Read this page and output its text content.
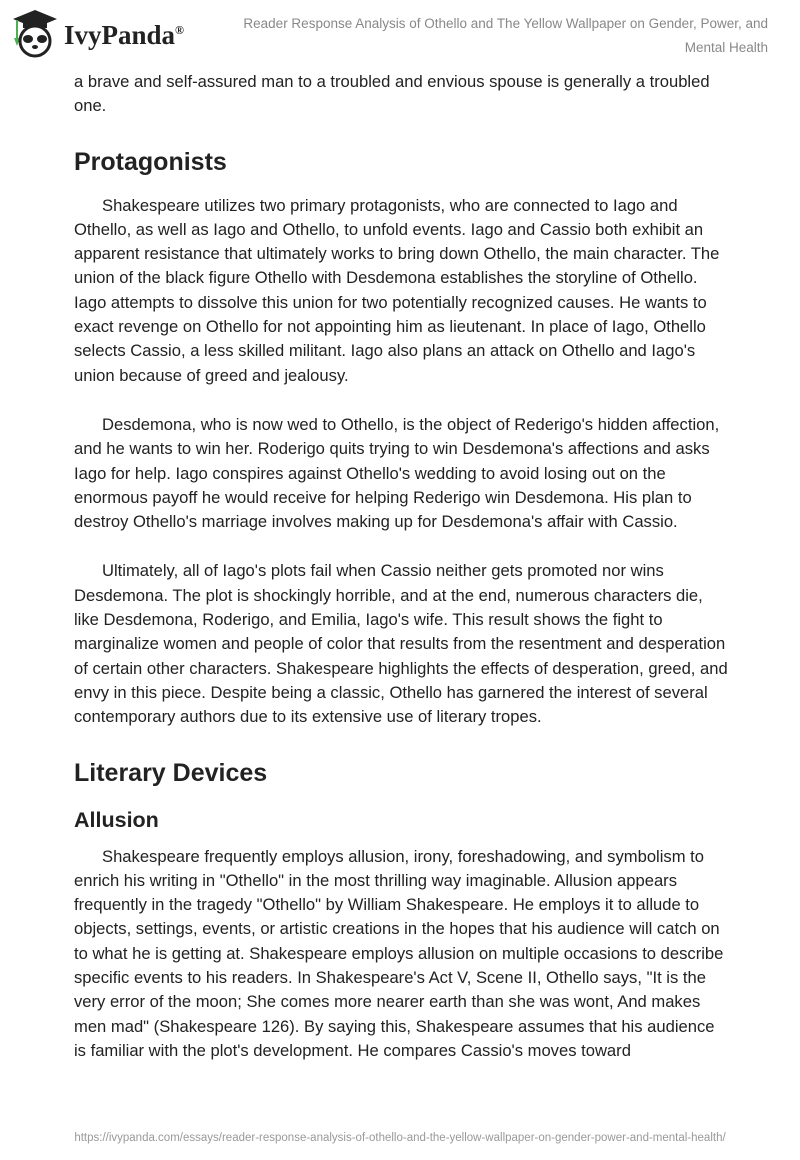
IvyPanda®	Reader Response Analysis of Othello and The Yellow Wallpaper on Gender, Power, and Mental Health

a brave and self-assured man to a troubled and envious spouse is generally a troubled one.

Protagonists

Shakespeare utilizes two primary protagonists, who are connected to Iago and Othello, as well as Iago and Othello, to unfold events. Iago and Cassio both exhibit an apparent resistance that ultimately works to bring down Othello, the main character. The union of the black figure Othello with Desdemona establishes the storyline of Othello. Iago attempts to dissolve this union for two potentially recognized causes. He wants to exact revenge on Othello for not appointing him as lieutenant. In place of Iago, Othello selects Cassio, a less skilled militant. Iago also plans an attack on Othello and Iago's union because of greed and jealousy.

Desdemona, who is now wed to Othello, is the object of Rederigo's hidden affection, and he wants to win her. Roderigo quits trying to win Desdemona's affections and asks Iago for help. Iago conspires against Othello's wedding to avoid losing out on the enormous payoff he would receive for helping Rederigo win Desdemona. His plan to destroy Othello's marriage involves making up for Desdemona's affair with Cassio.

Ultimately, all of Iago's plots fail when Cassio neither gets promoted nor wins Desdemona. The plot is shockingly horrible, and at the end, numerous characters die, like Desdemona, Roderigo, and Emilia, Iago's wife. This result shows the fight to marginalize women and people of color that results from the resentment and desperation of certain other characters. Shakespeare highlights the effects of desperation, greed, and envy in this piece. Despite being a classic, Othello has garnered the interest of several contemporary authors due to its extensive use of literary tropes.

Literary Devices
Allusion

Shakespeare frequently employs allusion, irony, foreshadowing, and symbolism to enrich his writing in "Othello" in the most thrilling way imaginable. Allusion appears frequently in the tragedy "Othello" by William Shakespeare. He employs it to allude to objects, settings, events, or artistic creations in the hopes that his audience will catch on to what he is getting at. Shakespeare employs allusion on multiple occasions to describe specific events to his readers. In Shakespeare's Act V, Scene II, Othello says, "It is the very error of the moon; She comes more nearer earth than she was wont, And makes men mad" (Shakespeare 126). By saying this, Shakespeare assumes that his audience is familiar with the plot's development. He compares Cassio's moves toward

https://ivypanda.com/essays/reader-response-analysis-of-othello-and-the-yellow-wallpaper-on-gender-power-and-mental-health/
